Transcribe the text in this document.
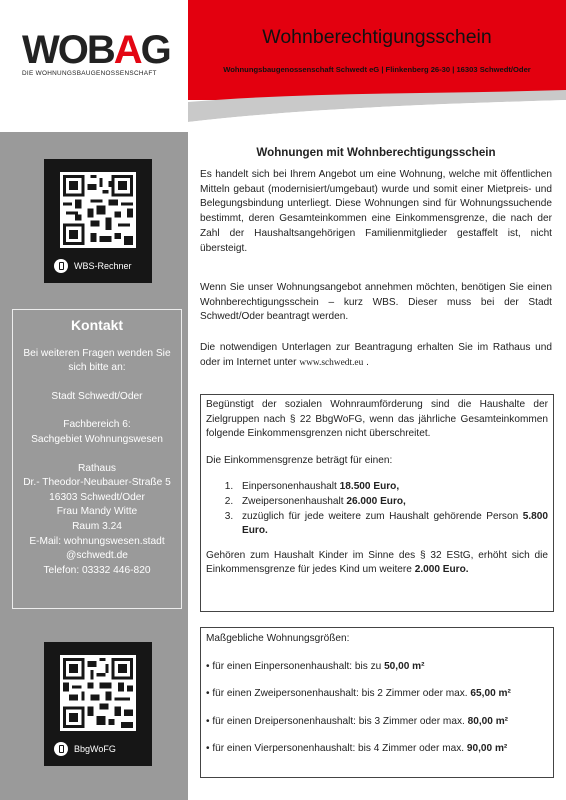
WOBAG
DIE WOHNUNGSBAUGENOSSENSCHAFT
WBS-Rechner
Kontakt

Bei weiteren Fragen wenden Sie sich bitte an:

Stadt Schwedt/Oder

Fachbereich 6:

Sachgebiet Wohnungswesen

Rathaus

Dr.- Theodor-Neubauer-Straße 5

16303 Schwedt/Oder

Frau Mandy Witte

Raum 3.24

E-Mail: wohnungswesen.stadt

@schwedt.de

Telefon: 03332 446-820

BbgWoFG
Wohnberechtigungsschein
Wohnungsbaugenossenschaft Schwedt eG | Flinkenberg 26-30 | 16303 Schwedt/Oder
Wohnungen mit Wohnberechtigungsschein

Es handelt sich bei Ihrem Angebot um eine Wohnung, welche mit öffentlichen Mitteln gebaut (modernisiert/umgebaut) wurde und somit einer Mietpreis- und Belegungsbindung unterliegt. Diese Wohnungen sind für Wohnungssuchende bestimmt, deren Gesamteinkommen eine Einkommensgrenze, die nach der Zahl der Haushaltsangehörigen Familienmitglieder gestaffelt ist, nicht übersteigt.

Wenn Sie unser Wohnungsangebot annehmen möchten, benötigen Sie einen Wohnberechtigungsschein – kurz WBS. Dieser muss bei der Stadt Schwedt/Oder beantragt werden.

Die notwendigen Unterlagen zur Beantragung erhalten Sie im Rathaus und oder im Internet unter www.schwedt.eu .

Begünstigt der sozialen Wohnraumförderung sind die Haushalte der Zielgruppen nach § 22 BbgWoFG, wenn das jährliche Gesamteinkommen folgende Einkommensgrenzen nicht überschreitet.

Die Einkommensgrenze beträgt für einen:

1. Einpersonenhaushalt 18.500 Euro,
2. Zweipersonenhaushalt 26.000 Euro,
3. zuzüglich für jede weitere zum Haushalt gehörende Person 5.800 Euro.

Gehören zum Haushalt Kinder im Sinne des § 32 EStG, erhöht sich die Einkommensgrenze für jedes Kind um weitere 2.000 Euro.

Maßgebliche Wohnungsgrößen:

• für einen Einpersonenhaushalt: bis zu 50,00 m²

• für einen Zweipersonenhaushalt: bis 2 Zimmer oder max. 65,00 m²

• für einen Dreipersonenhaushalt: bis 3 Zimmer oder max. 80,00 m²

• für einen Vierpersonenhaushalt: bis 4 Zimmer oder max. 90,00 m²
